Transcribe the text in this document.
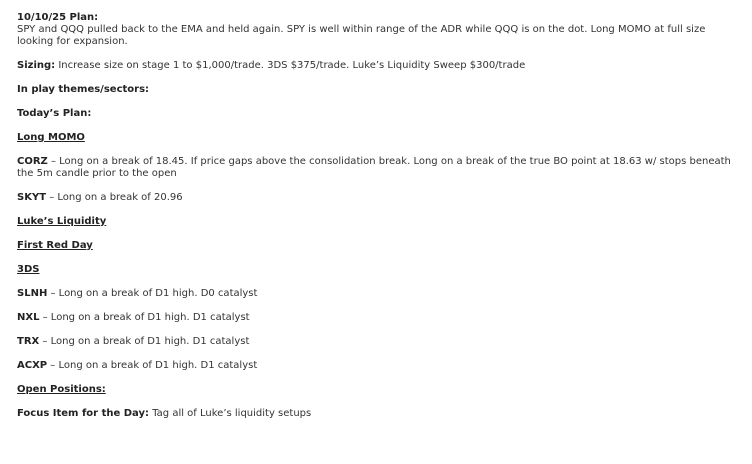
10/10/25 Plan:

SPY and QQQ pulled back to the EMA and held again. SPY is well within range of the ADR while QQQ is on the dot. Long MOMO at full size looking for expansion.

Sizing: Increase size on stage 1 to $1,000/trade. 3DS $375/trade. Luke’s Liquidity Sweep $300/trade

In play themes/sectors:

Today’s Plan:

Long MOMO

CORZ – Long on a break of 18.45. If price gaps above the consolidation break. Long on a break of the true BO point at 18.63 w/ stops beneath the 5m candle prior to the open

SKYT – Long on a break of 20.96

Luke’s Liquidity

First Red Day

3DS

SLNH – Long on a break of D1 high. D0 catalyst

NXL – Long on a break of D1 high. D1 catalyst

TRX – Long on a break of D1 high. D1 catalyst

ACXP – Long on a break of D1 high. D1 catalyst

Open Positions:

Focus Item for the Day: Tag all of Luke’s liquidity setups
